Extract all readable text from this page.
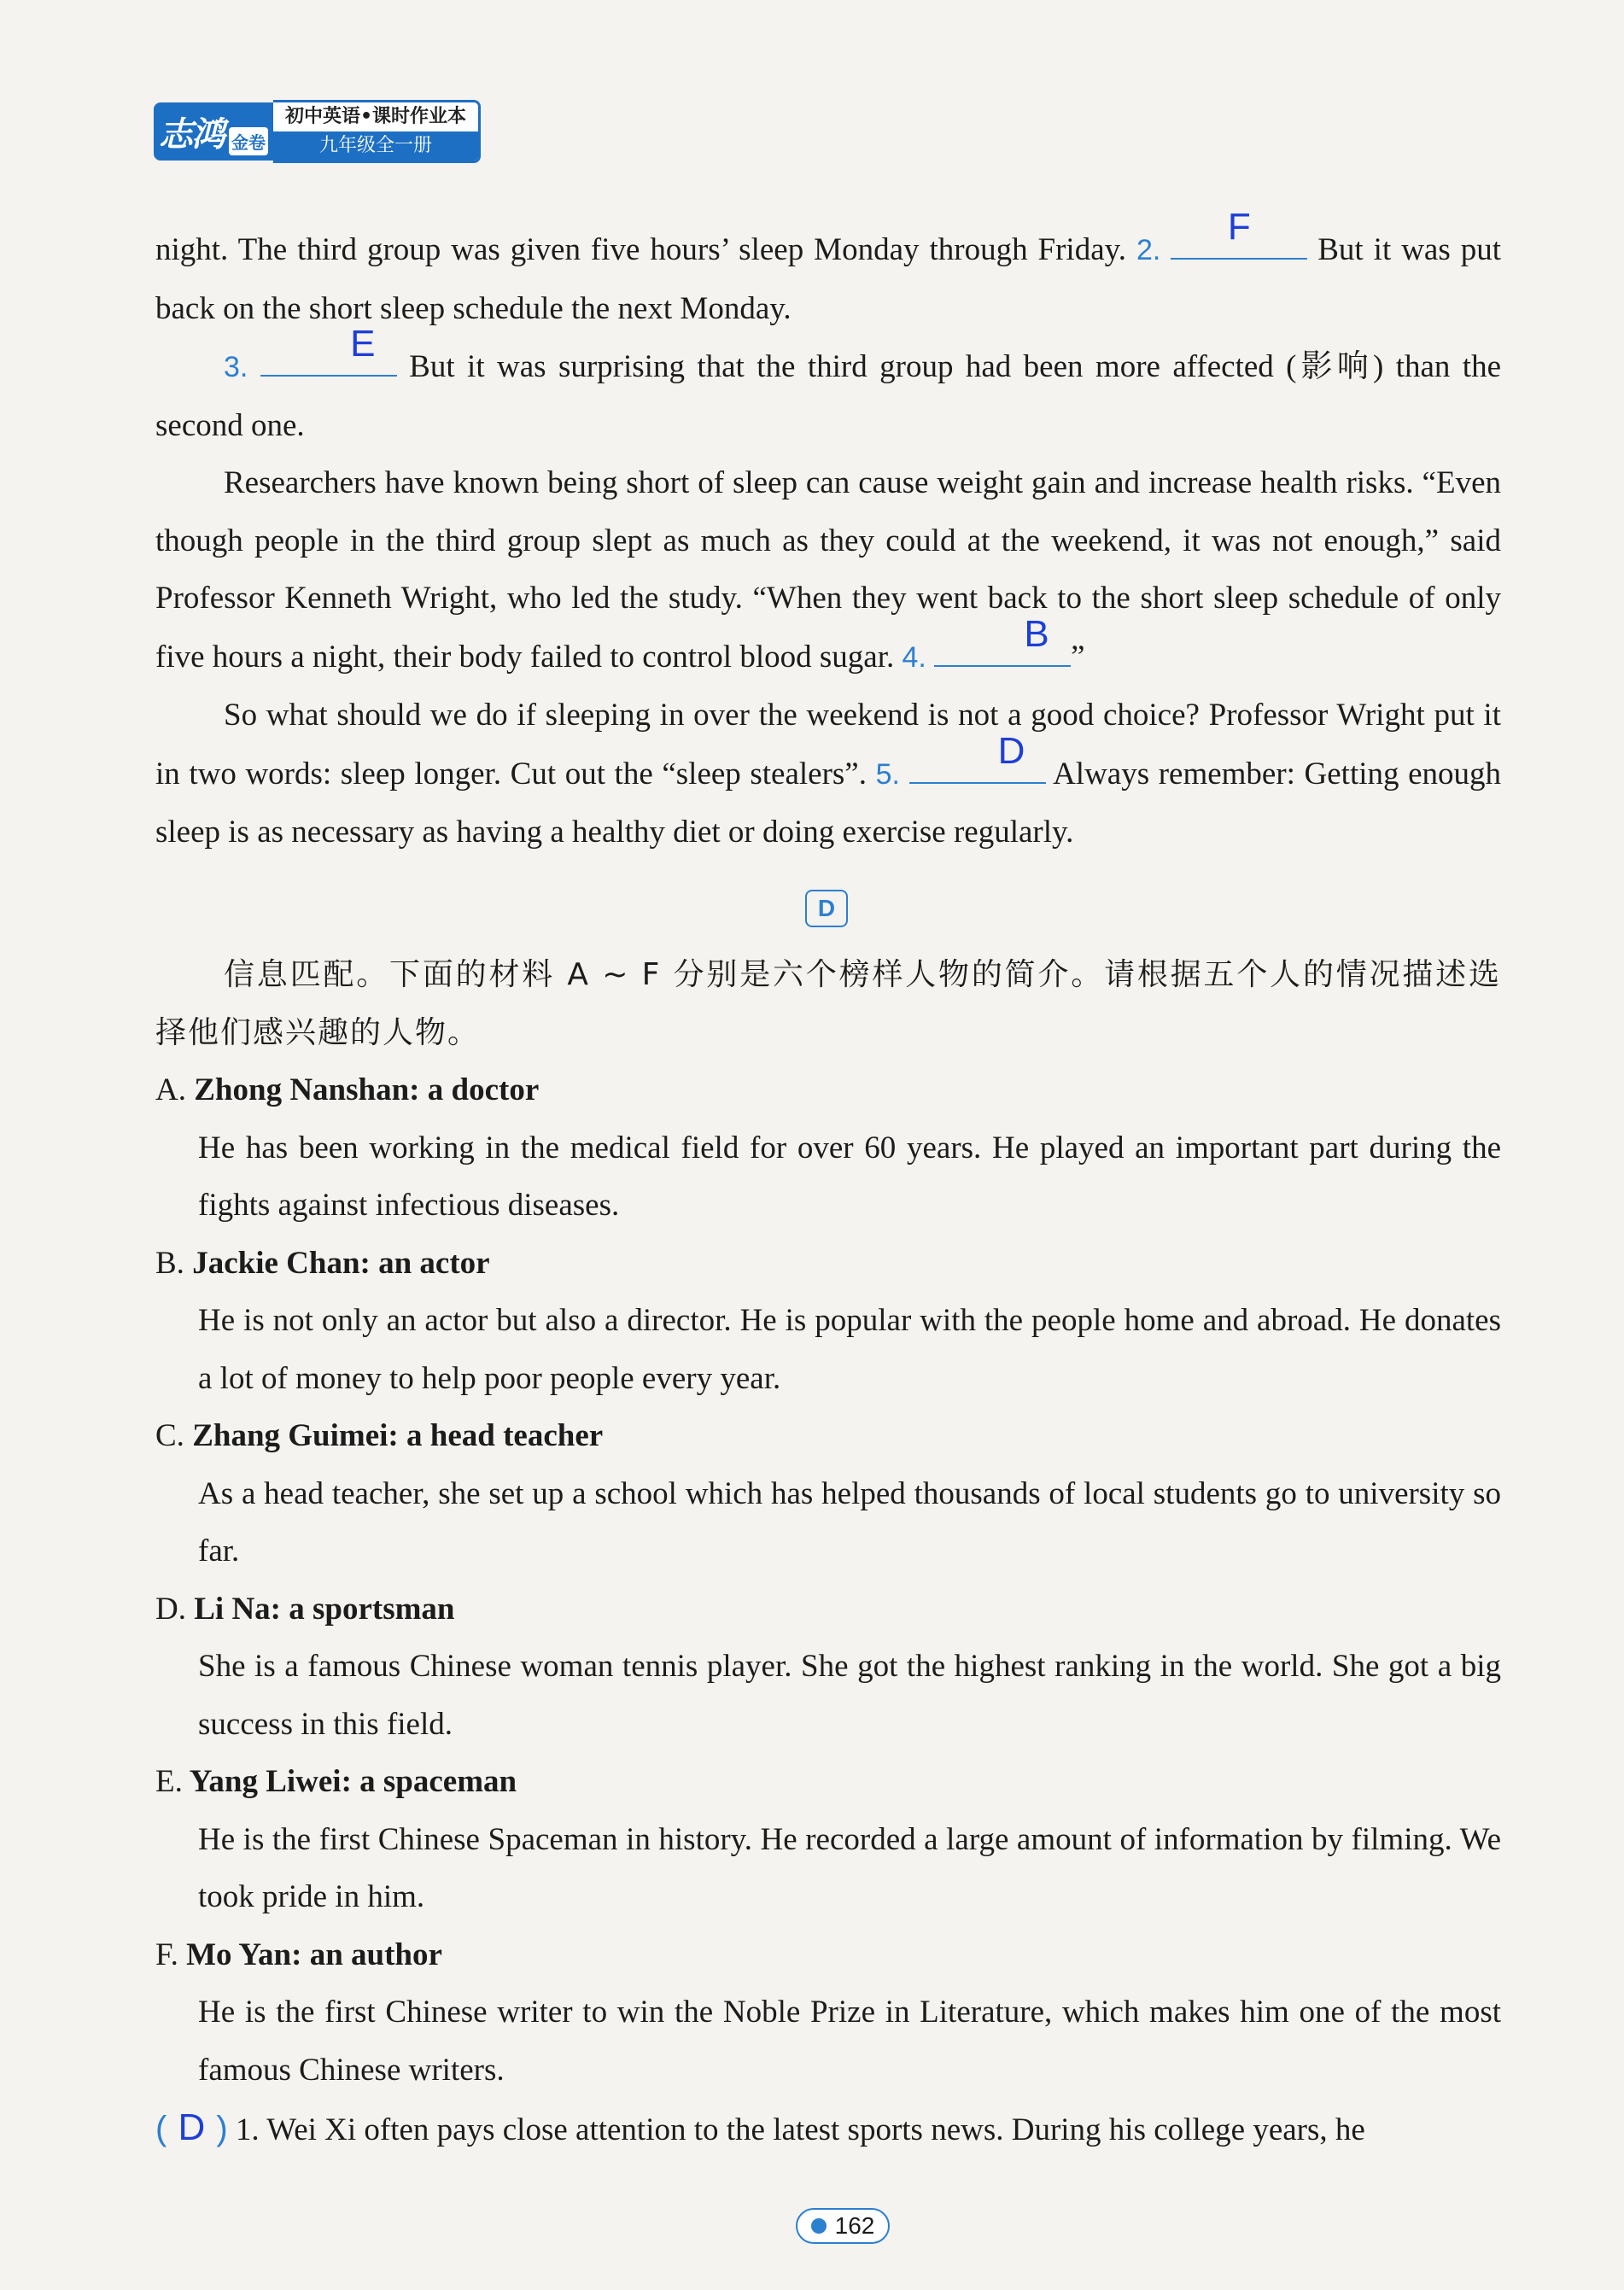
志鸿 金卷
初中英语•课时作业本
九年级全一册

night. The third group was given five hours’ sleep Monday through Friday. 2.
F
But it was put back on the short sleep schedule the next Monday.

3.
E
But it was surprising that the third group had been more affected (影响) than the second one.

Researchers have known being short of sleep can cause weight gain and increase health risks. “Even though people in the third group slept as much as they could at the weekend, it was not enough,” said Professor Kenneth Wright, who led the study. “When they went back to the short sleep schedule of only five hours a night, their body failed to control blood sugar. 4.
B
”

So what should we do if sleeping in over the weekend is not a good choice? Professor Wright put it in two words: sleep longer. Cut out the “sleep stealers”. 5.
D
Always remember: Getting enough sleep is as necessary as having a healthy diet or doing exercise regularly.

D

信息匹配。下面的材料 A ~ F 分别是六个榜样人物的简介。请根据五个人的情况描述选择他们感兴趣的人物。

A. Zhong Nanshan: a doctor

He has been working in the medical field for over 60 years. He played an important part during the fights against infectious diseases.

B. Jackie Chan: an actor

He is not only an actor but also a director. He is popular with the people home and abroad. He donates a lot of money to help poor people every year.

C. Zhang Guimei: a head teacher

As a head teacher, she set up a school which has helped thousands of local students go to university so far.

D. Li Na: a sportsman

She is a famous Chinese woman tennis player. She got the highest ranking in the world. She got a big success in this field.

E. Yang Liwei: a spaceman

He is the first Chinese Spaceman in history. He recorded a large amount of information by filming. We took pride in him.

F. Mo Yan: an author

He is the first Chinese writer to win the Noble Prize in Literature, which makes him one of the most famous Chinese writers.

( D ) 1. Wei Xi often pays close attention to the latest sports news. During his college years, he

162
